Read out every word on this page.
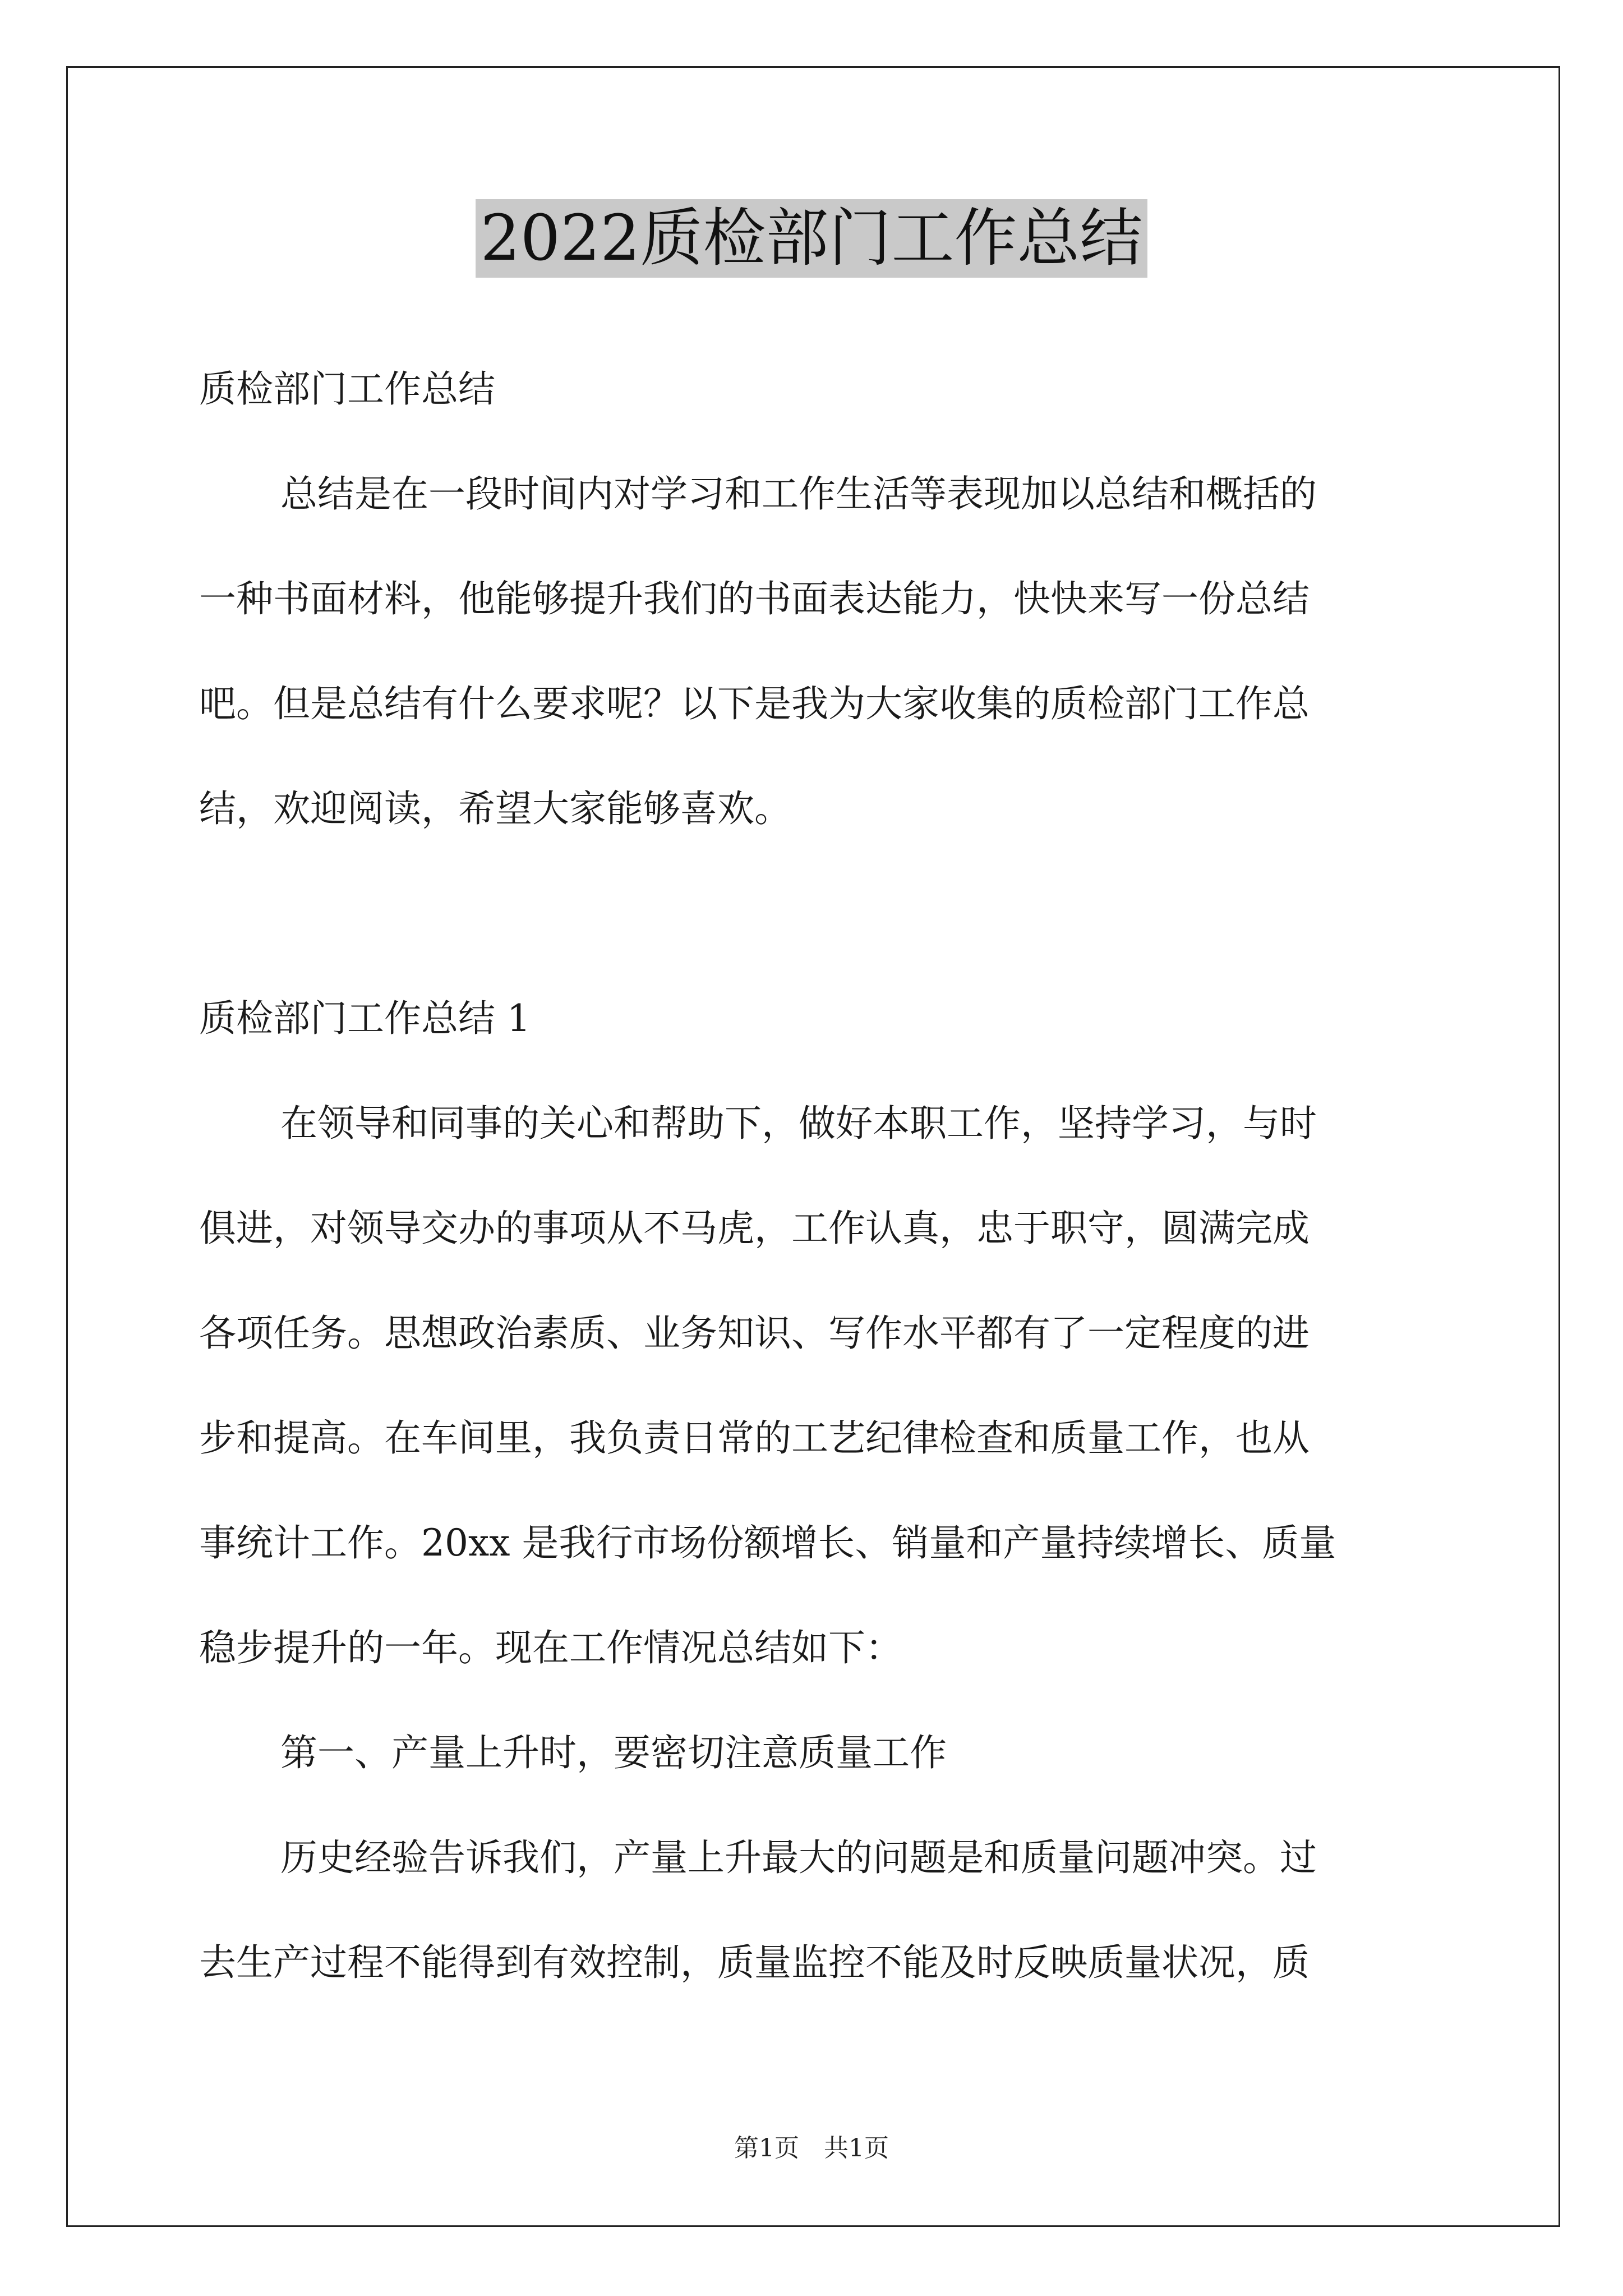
2022质检部门工作总结
质检部门工作总结
总结是在一段时间内对学习和工作生活等表现加以总结和概括的
一种书面材料，他能够提升我们的书面表达能力，快快来写一份总结
吧。但是总结有什么要求呢？以下是我为大家收集的质检部门工作总
结，欢迎阅读，希望大家能够喜欢。
质检部门工作总结 1
在领导和同事的关心和帮助下，做好本职工作，坚持学习，与时
俱进，对领导交办的事项从不马虎，工作认真，忠于职守，圆满完成
各项任务。思想政治素质、业务知识、写作水平都有了一定程度的进
步和提高。在车间里，我负责日常的工艺纪律检查和质量工作，也从
事统计工作。20xx 是我行市场份额增长、销量和产量持续增长、质量
稳步提升的一年。现在工作情况总结如下：
第一、产量上升时，要密切注意质量工作
历史经验告诉我们，产量上升最大的问题是和质量问题冲突。过
去生产过程不能得到有效控制，质量监控不能及时反映质量状况，质
第1页　共1页
